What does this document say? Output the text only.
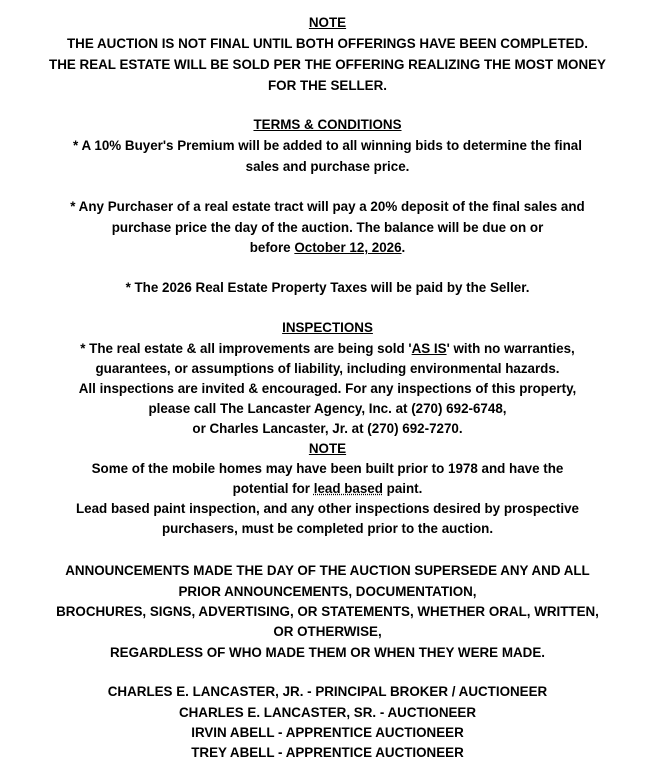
NOTE
THE AUCTION IS NOT FINAL UNTIL BOTH OFFERINGS HAVE BEEN COMPLETED.
THE REAL ESTATE WILL BE SOLD PER THE OFFERING REALIZING THE MOST MONEY
FOR THE SELLER.
TERMS & CONDITIONS
* A 10% Buyer's Premium will be added to all winning bids to determine the final
sales and purchase price.
* Any Purchaser of a real estate tract will pay a 20% deposit of the final sales and
purchase price the day of the auction. The balance will be due on or
before October 12, 2026.
* The 2026 Real Estate Property Taxes will be paid by the Seller.
INSPECTIONS
* The real estate & all improvements are being sold 'AS IS' with no warranties,
guarantees, or assumptions of liability, including environmental hazards.
All inspections are invited & encouraged. For any inspections of this property,
please call The Lancaster Agency, Inc. at (270) 692-6748,
or Charles Lancaster, Jr. at (270) 692-7270.
NOTE
Some of the mobile homes may have been built prior to 1978 and have the
potential for lead based paint.
Lead based paint inspection, and any other inspections desired by prospective
purchasers, must be completed prior to the auction.
ANNOUNCEMENTS MADE THE DAY OF THE AUCTION SUPERSEDE ANY AND ALL
PRIOR ANNOUNCEMENTS, DOCUMENTATION,
BROCHURES, SIGNS, ADVERTISING, OR STATEMENTS, WHETHER ORAL, WRITTEN,
OR OTHERWISE,
REGARDLESS OF WHO MADE THEM OR WHEN THEY WERE MADE.
CHARLES E. LANCASTER, JR. - PRINCIPAL BROKER / AUCTIONEER
CHARLES E. LANCASTER, SR. - AUCTIONEER
IRVIN ABELL - APPRENTICE AUCTIONEER
TREY ABELL - APPRENTICE AUCTIONEER
